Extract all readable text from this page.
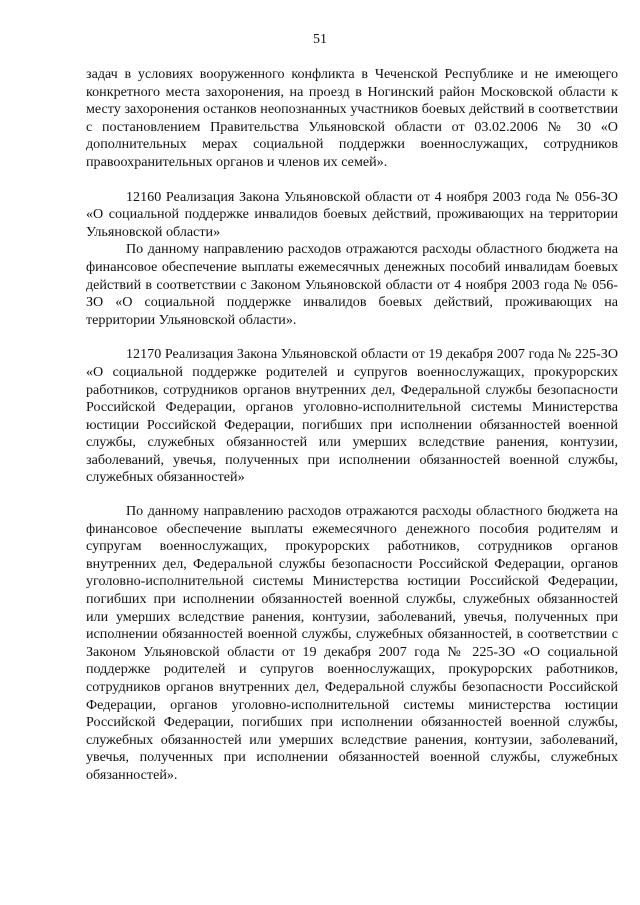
51

задач в условиях вооруженного конфликта в Чеченской Республике и не имеющего конкретного места захоронения, на проезд в Ногинский район Московской области к месту захоронения останков неопознанных участников боевых действий в соответствии с постановлением Правительства Ульяновской области от 03.02.2006 № 30 «О дополнительных мерах социальной поддержки военнослужащих, сотрудников правоохранительных органов и членов их семей».

12160 Реализация Закона Ульяновской области от 4 ноября 2003 года № 056-ЗО «О социальной поддержке инвалидов боевых действий, проживающих на территории Ульяновской области»

По данному направлению расходов отражаются расходы областного бюджета на финансовое обеспечение выплаты ежемесячных денежных пособий инвалидам боевых действий в соответствии с Законом Ульяновской области от 4 ноября 2003 года № 056-ЗО «О социальной поддержке инвалидов боевых действий, проживающих на территории Ульяновской области».

12170 Реализация Закона Ульяновской области от 19 декабря 2007 года № 225-ЗО «О социальной поддержке родителей и супругов военнослужащих, прокурорских работников, сотрудников органов внутренних дел, Федеральной службы безопасности Российской Федерации, органов уголовно-исполнительной системы Министерства юстиции Российской Федерации, погибших при исполнении обязанностей военной службы, служебных обязанностей или умерших вследствие ранения, контузии, заболеваний, увечья, полученных при исполнении обязанностей военной службы, служебных обязанностей»

По данному направлению расходов отражаются расходы областного бюджета на финансовое обеспечение выплаты ежемесячного денежного пособия родителям и супругам военнослужащих, прокурорских работников, сотрудников органов внутренних дел, Федеральной службы безопасности Российской Федерации, органов уголовно-исполнительной системы Министерства юстиции Российской Федерации, погибших при исполнении обязанностей военной службы, служебных обязанностей или умерших вследствие ранения, контузии, заболеваний, увечья, полученных при исполнении обязанностей военной службы, служебных обязанностей, в соответствии с Законом Ульяновской области от 19 декабря 2007 года № 225-ЗО «О социальной поддержке родителей и супругов военнослужащих, прокурорских работников, сотрудников органов внутренних дел, Федеральной службы безопасности Российской Федерации, органов уголовно-исполнительной системы министерства юстиции Российской Федерации, погибших при исполнении обязанностей военной службы, служебных обязанностей или умерших вследствие ранения, контузии, заболеваний, увечья, полученных при исполнении обязанностей военной службы, служебных обязанностей».
